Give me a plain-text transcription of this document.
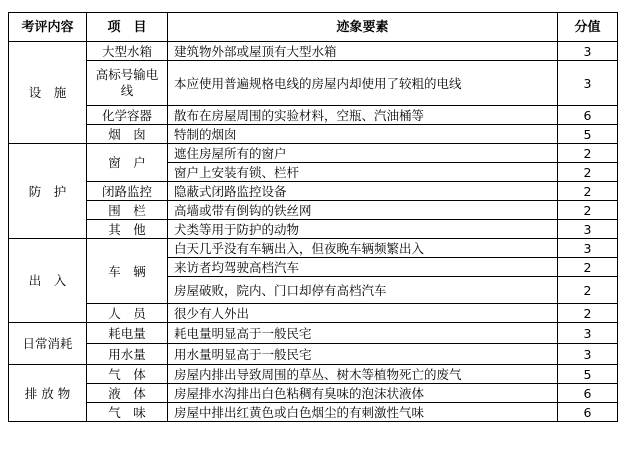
考评内容	项　目	迹象要素	分值
设　施	大型水箱	建筑物外部或屋顶有大型水箱	3
	高标号输电线	本应使用普遍规格电线的房屋内却使用了较粗的电线	3
	化学容器	散布在房屋周围的实验材料，空瓶、汽油桶等	6
	烟　囱	特制的烟囱	5
防　护	窗　户	遮住房屋所有的窗户	2
		窗户上安装有锁、栏杆	2
	闭路监控	隐蔽式闭路监控设备	2
	围　栏	高墙或带有倒钩的铁丝网	2
	其　他	犬类等用于防护的动物	3
出　入	车　辆	白天几乎没有车辆出入，但夜晚车辆频繁出入	3
		来访者均驾驶高档汽车	2
		房屋破败，院内、门口却停有高档汽车	2
	人　员	很少有人外出	2
日常消耗	耗电量	耗电量明显高于一般民宅	3
	用水量	用水量明显高于一般民宅	3
排 放 物	气　体	房屋内排出导致周围的草丛、树木等植物死亡的废气	5
	液　体	房屋排水沟排出白色粘稠有臭味的泡沫状液体	6
	气　味	房屋中排出红黄色或白色烟尘的有刺激性气味	6
